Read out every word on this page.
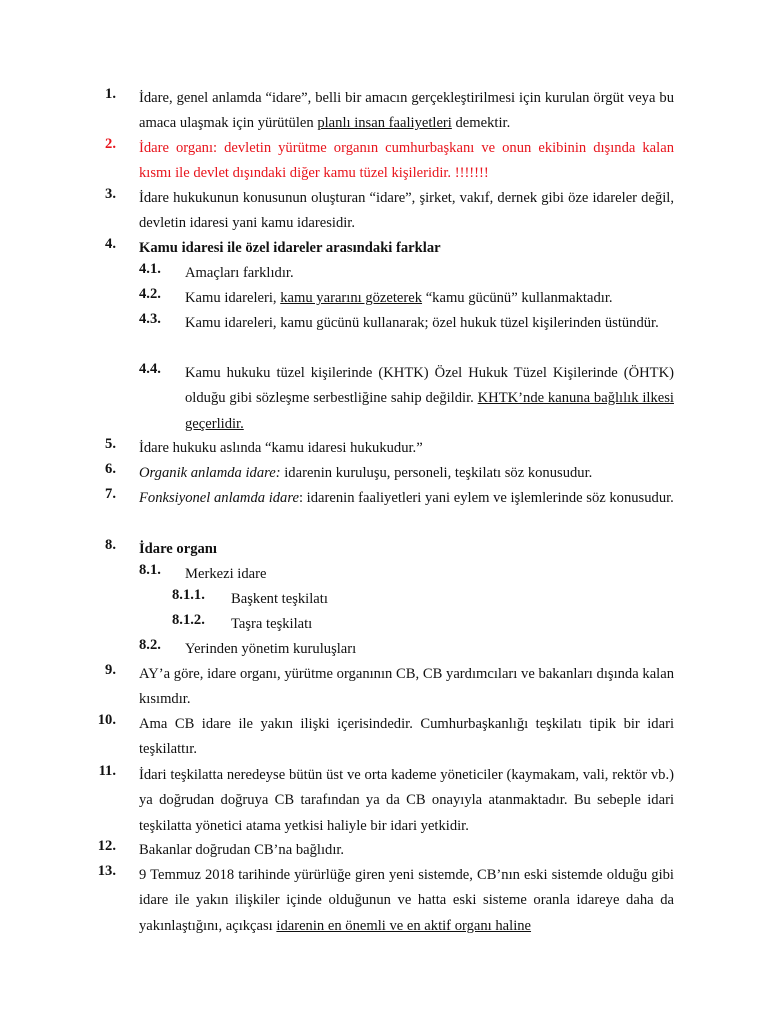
1. İdare, genel anlamda “idare”, belli bir amacın gerçekleştirilmesi için kurulan örgüt veya bu amaca ulaşmak için yürütülen planlı insan faaliyetleri demektir.
2. İdare organı: devletin yürütme organın cumhurbaşkanı ve onun ekibinin dışında kalan kısmı ile devlet dışındaki diğer kamu tüzel kişileridir. !!!!!!!
3. İdare hukukunun konusunun oluşturan “idare”, şirket, vakıf, dernek gibi öze idareler değil, devletin idaresi yani kamu idaresidir.
4. Kamu idaresi ile özel idareler arasındaki farklar
4.1. Amaçları farklıdır.
4.2. Kamu idareleri, kamu yararını gözeterek “kamu gücünü” kullanmaktadır.
4.3. Kamu idareleri, kamu gücünü kullanarak; özel hukuk tüzel kişilerinden üstündür.
4.4. Kamu hukuku tüzel kişilerinde (KHTK) Özel Hukuk Tüzel Kişilerinde (ÖHTK) olduğu gibi sözleşme serbestliğine sahip değildir. KHTK’nde kanuna bağlılık ilkesi geçerlidir.
5. İdare hukuku aslında “kamu idaresi hukukudur.”
6. Organik anlamda idare: idarenin kuruluşu, personeli, teşkilatı söz konusudur.
7. Fonksiyonel anlamda idare: idarenin faaliyetleri yani eylem ve işlemlerinde söz konusudur.
8. İdare organı
8.1. Merkezi idare
8.1.1.	Başkent teşkilatı
8.1.2.	Taşra teşkilatı
8.2. Yerinden yönetim kuruluşları
9. AY’a göre, idare organı, yürütme organının CB, CB yardımcıları ve bakanları dışında kalan kısımdır.
10. Ama CB idare ile yakın ilişki içerisindedir. Cumhurbaşkanlığı teşkilatı tipik bir idari teşkilattır.
11. İdari teşkilatta neredeyse bütün üst ve orta kademe yöneticiler (kaymakam, vali, rektör vb.) ya doğrudan doğruya CB tarafından ya da CB onayıyla atanmaktadır. Bu sebeple idari teşkilatta yönetici atama yetkisi haliyle bir idari yetkidir.
12. Bakanlar doğrudan CB’na bağlıdır.
13. 9 Temmuz 2018 tarihinde yürürlüğe giren yeni sistemde, CB’nın eski sistemde olduğu gibi idare ile yakın ilişkiler içinde olduğunun ve hatta eski sisteme oranla idareye daha da yakınlaştığını, açıkçası idarenin en önemli ve en aktif organı haline
